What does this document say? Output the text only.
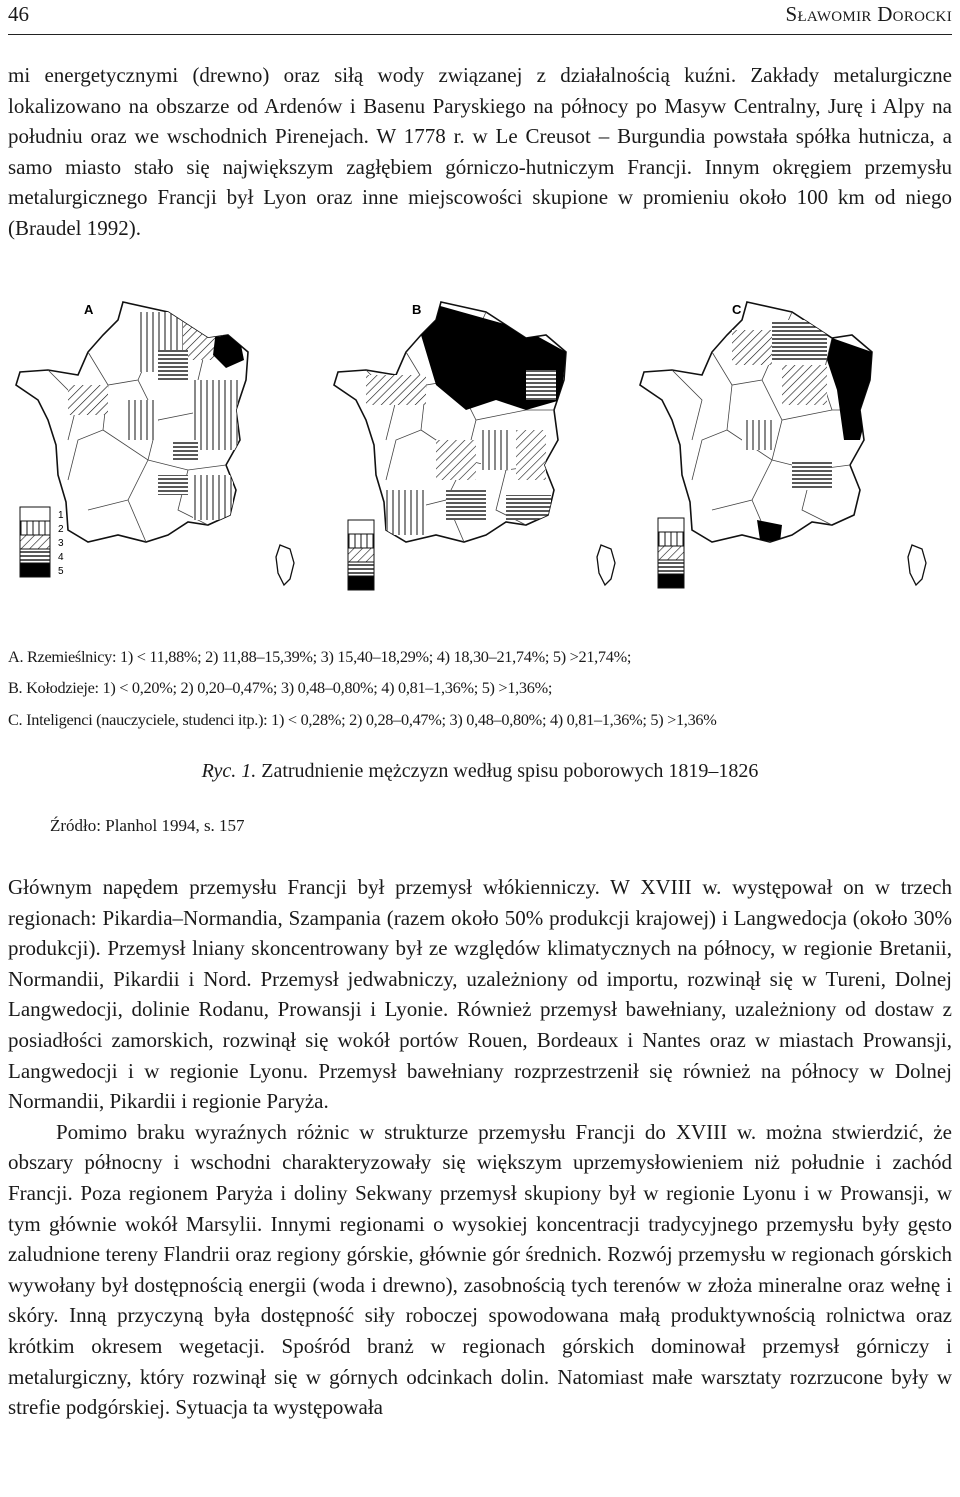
46	Sławomir Dorocki

mi energetycznymi (drewno) oraz siłą wody związanej z działalnością kuźni. Zakłady metalurgiczne lokalizowano na obszarze od Ardenów i Basenu Paryskiego na północy po Masyw Centralny, Jurę i Alpy na południu oraz we wschodnich Pirenejach. W 1778 r. w Le Creusot – Burgundia powstała spółka hutnicza, a samo miasto stało się największym zagłębiem górniczo-hutniczym Francji. Innym okręgiem przemysłu metalurgicznego Francji był Lyon oraz inne miejscowości skupione w promieniu około 100 km od niego (Braudel 1992).

A	B	C
1
2
3
4
5
A. Rzemieślnicy: 1) < 11,88%; 2) 11,88–15,39%; 3) 15,40–18,29%; 4) 18,30–21,74%; 5) >21,74%;
B. Kołodzieje: 1) < 0,20%; 2) 0,20–0,47%; 3) 0,48–0,80%; 4) 0,81–1,36%; 5) >1,36%;
C. Inteligenci (nauczyciele, studenci itp.): 1) < 0,28%; 2) 0,28–0,47%; 3) 0,48–0,80%; 4) 0,81–1,36%; 5) >1,36%
Ryc. 1. Zatrudnienie mężczyzn według spisu poborowych 1819–1826
Źródło: Planhol 1994, s. 157

Głównym napędem przemysłu Francji był przemysł włókienniczy. W XVIII w. występował on w trzech regionach: Pikardia–Normandia, Szampania (razem około 50% produkcji krajowej) i Langwedocja (około 30% produkcji). Przemysł lniany skoncentrowany był ze względów klimatycznych na północy, w regionie Bretanii, Normandii, Pikardii i Nord. Przemysł jedwabniczy, uzależniony od importu, rozwinął się w Tureni, Dolnej Langwedocji, dolinie Rodanu, Prowansji i Lyonie. Również przemysł bawełniany, uzależniony od dostaw z posiadłości zamorskich, rozwinął się wokół portów Rouen, Bordeaux i Nantes oraz w miastach Prowansji, Langwedocji i w regionie Lyonu. Przemysł bawełniany rozprzestrzenił się również na północy w Dolnej Normandii, Pikardii i regionie Paryża.

Pomimo braku wyraźnych różnic w strukturze przemysłu Francji do XVIII w. można stwierdzić, że obszary północny i wschodni charakteryzowały się większym uprzemysłowieniem niż południe i zachód Francji. Poza regionem Paryża i doliny Sekwany przemysł skupiony był w regionie Lyonu i w Prowansji, w tym głównie wokół Marsylii. Innymi regionami o wysokiej koncentracji tradycyjnego przemysłu były gęsto zaludnione tereny Flandrii oraz regiony górskie, głównie gór średnich. Rozwój przemysłu w regionach górskich wywołany był dostępnością energii (woda i drewno), zasobnością tych terenów w złoża mineralne oraz wełnę i skóry. Inną przyczyną była dostępność siły roboczej spowodowana małą produktywnością rolnictwa oraz krótkim okresem wegetacji. Spośród branż w regionach górskich dominował przemysł górniczy i metalurgiczny, który rozwinął się w górnych odcinkach dolin. Natomiast małe warsztaty rozrzucone były w strefie podgórskiej. Sytuacja ta występowała
